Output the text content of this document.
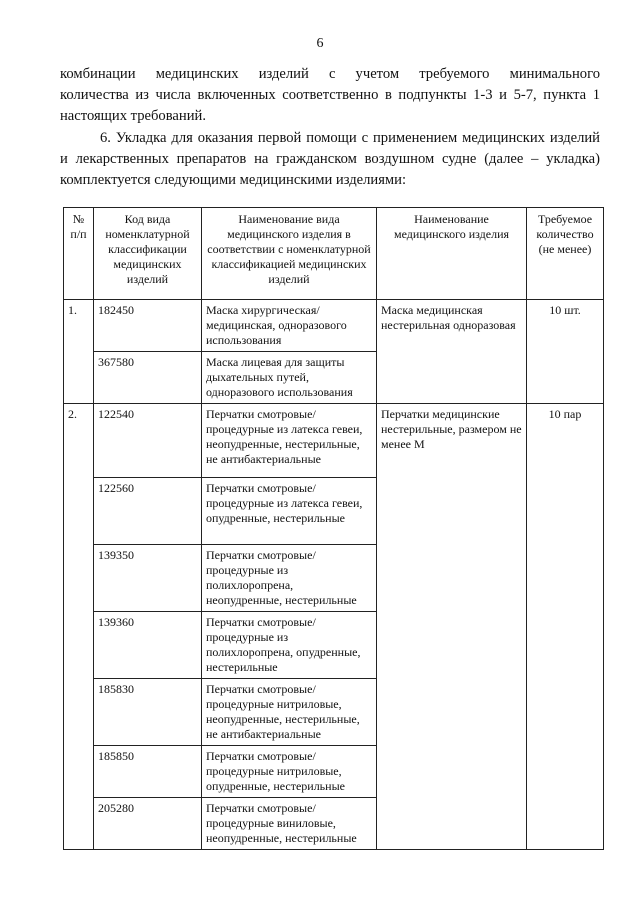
6
комбинации медицинских изделий с учетом требуемого минимального
количества из числа включенных соответственно в подпункты 1-3 и 5-7, пункта 1
настоящих требований.
6. Укладка для оказания первой помощи с применением медицинских изделий
и лекарственных препаратов на гражданском воздушном судне (далее – укладка)
комплектуется следующими медицинскими изделиями:
№ п/п	Код вида номенклатурной классификации медицинских изделий	Наименование вида медицинского изделия в соответствии с номенклатурной классификацией медицинских изделий	Наименование медицинского изделия	Требуемое количество (не менее)
1.	182450	Маска хирургическая/ медицинская, одноразового использования	Маска медицинская нестерильная одноразовая	10 шт.
	367580	Маска лицевая для защиты дыхательных путей, одноразового использования		
2.	122540	Перчатки смотровые/ процедурные из латекса гевеи, неопудренные, нестерильные, не антибактериальные	Перчатки медицинские нестерильные, размером не менее М	10 пар
	122560	Перчатки смотровые/ процедурные из латекса гевеи, опудренные, нестерильные		
	139350	Перчатки смотровые/ процедурные из полихлоропрена, неопудренные, нестерильные		
	139360	Перчатки смотровые/ процедурные из полихлоропрена, опудренные, нестерильные		
	185830	Перчатки смотровые/ процедурные нитриловые, неопудренные, нестерильные, не антибактериальные		
	185850	Перчатки смотровые/ процедурные нитриловые, опудренные, нестерильные		
	205280	Перчатки смотровые/ процедурные виниловые, неопудренные, нестерильные		
